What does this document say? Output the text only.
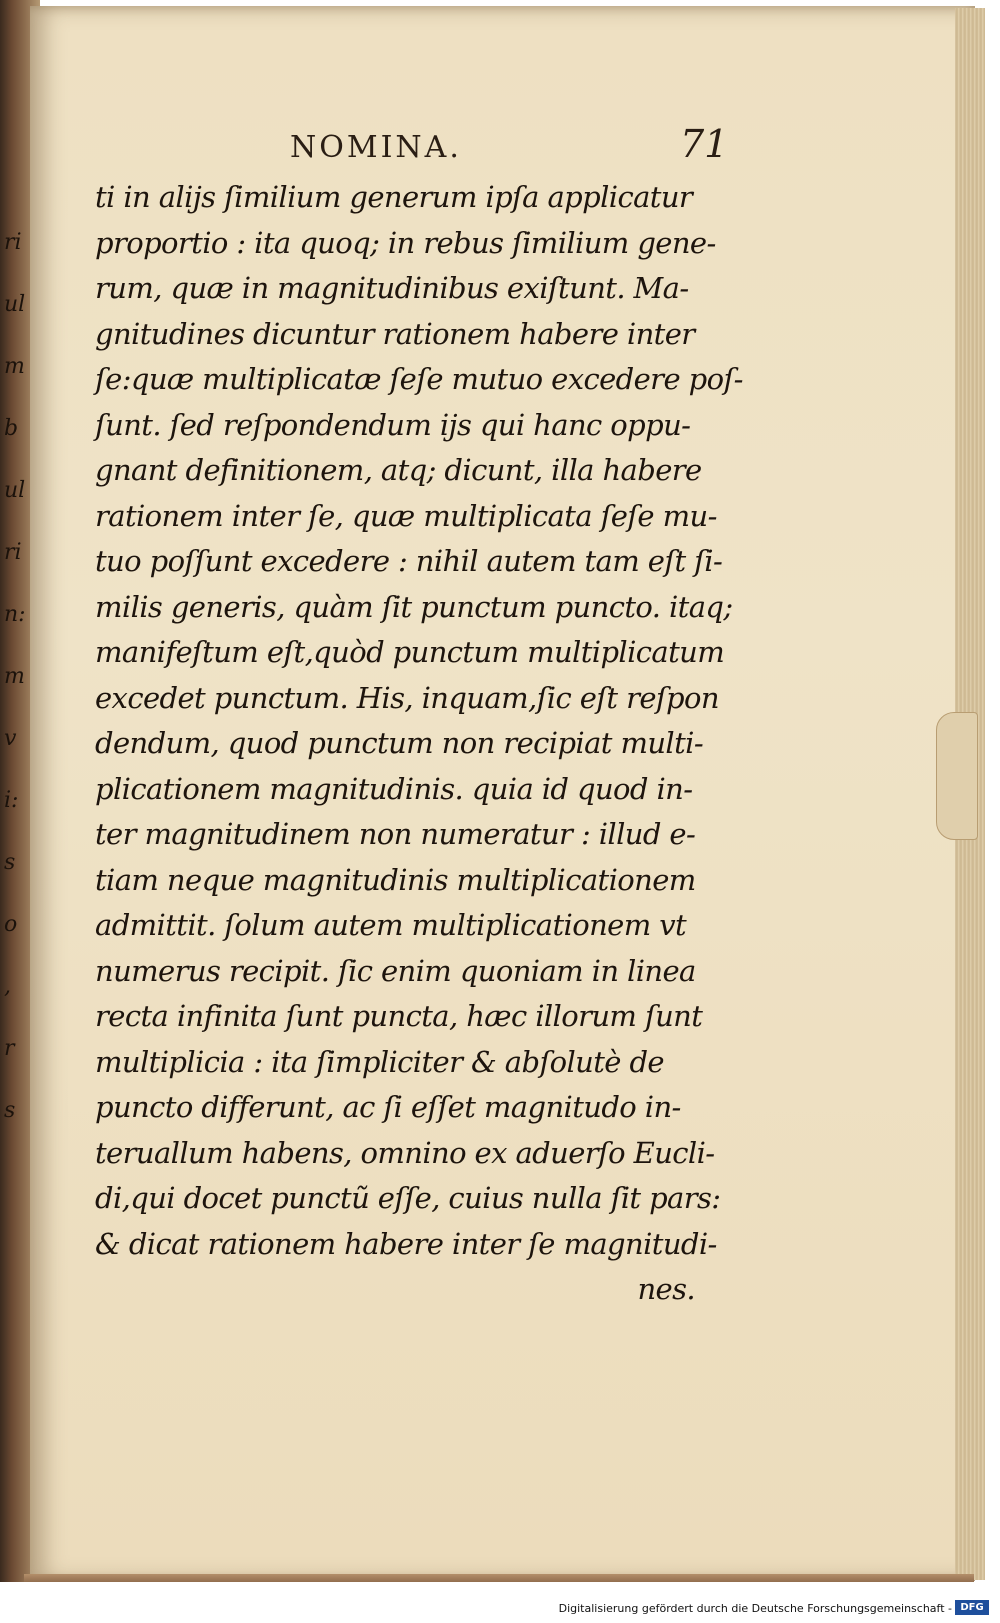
ri
ul
m
b
ul
ri
n:
m
v
i:
s
o
,
r
s
NOMINA.	71
ti in alijs ſimilium generum ipſa applicatur
proportio : ita quoq; in rebus ſimilium gene-
rum, quæ in magnitudinibus exiſtunt. Ma-
gnitudines dicuntur rationem habere inter
ſe:quæ multiplicatæ ſeſe mutuo excedere poſ-
ſunt. ſed reſpondendum ijs qui hanc oppu-
gnant definitionem, atq; dicunt, illa habere
rationem inter ſe, quæ multiplicata ſeſe mu-
tuo poſſunt excedere : nihil autem tam eſt ſi-
milis generis, quàm ſit punctum puncto. itaq;
manifeſtum eſt,quòd punctum multiplicatum
excedet punctum. His, inquam,ſic eſt reſpon
dendum, quod punctum non recipiat multi-
plicationem magnitudinis. quia id quod in-
ter magnitudinem non numeratur : illud e-
tiam neque magnitudinis multiplicationem
admittit. ſolum autem multiplicationem vt
numerus recipit. ſic enim quoniam in linea
recta infinita ſunt puncta, hæc illorum ſunt
multiplicia : ita ſimpliciter & abſolutè de
puncto differunt, ac ſi eſſet magnitudo in-
teruallum habens, omnino ex aduerſo Eucli-
di,qui docet punctũ eſſe, cuius nulla ſit pars:
& dicat rationem habere inter ſe magnitudi-
nes.
Digitalisierung gefördert durch die Deutsche Forschungsgemeinschaft - DFG
